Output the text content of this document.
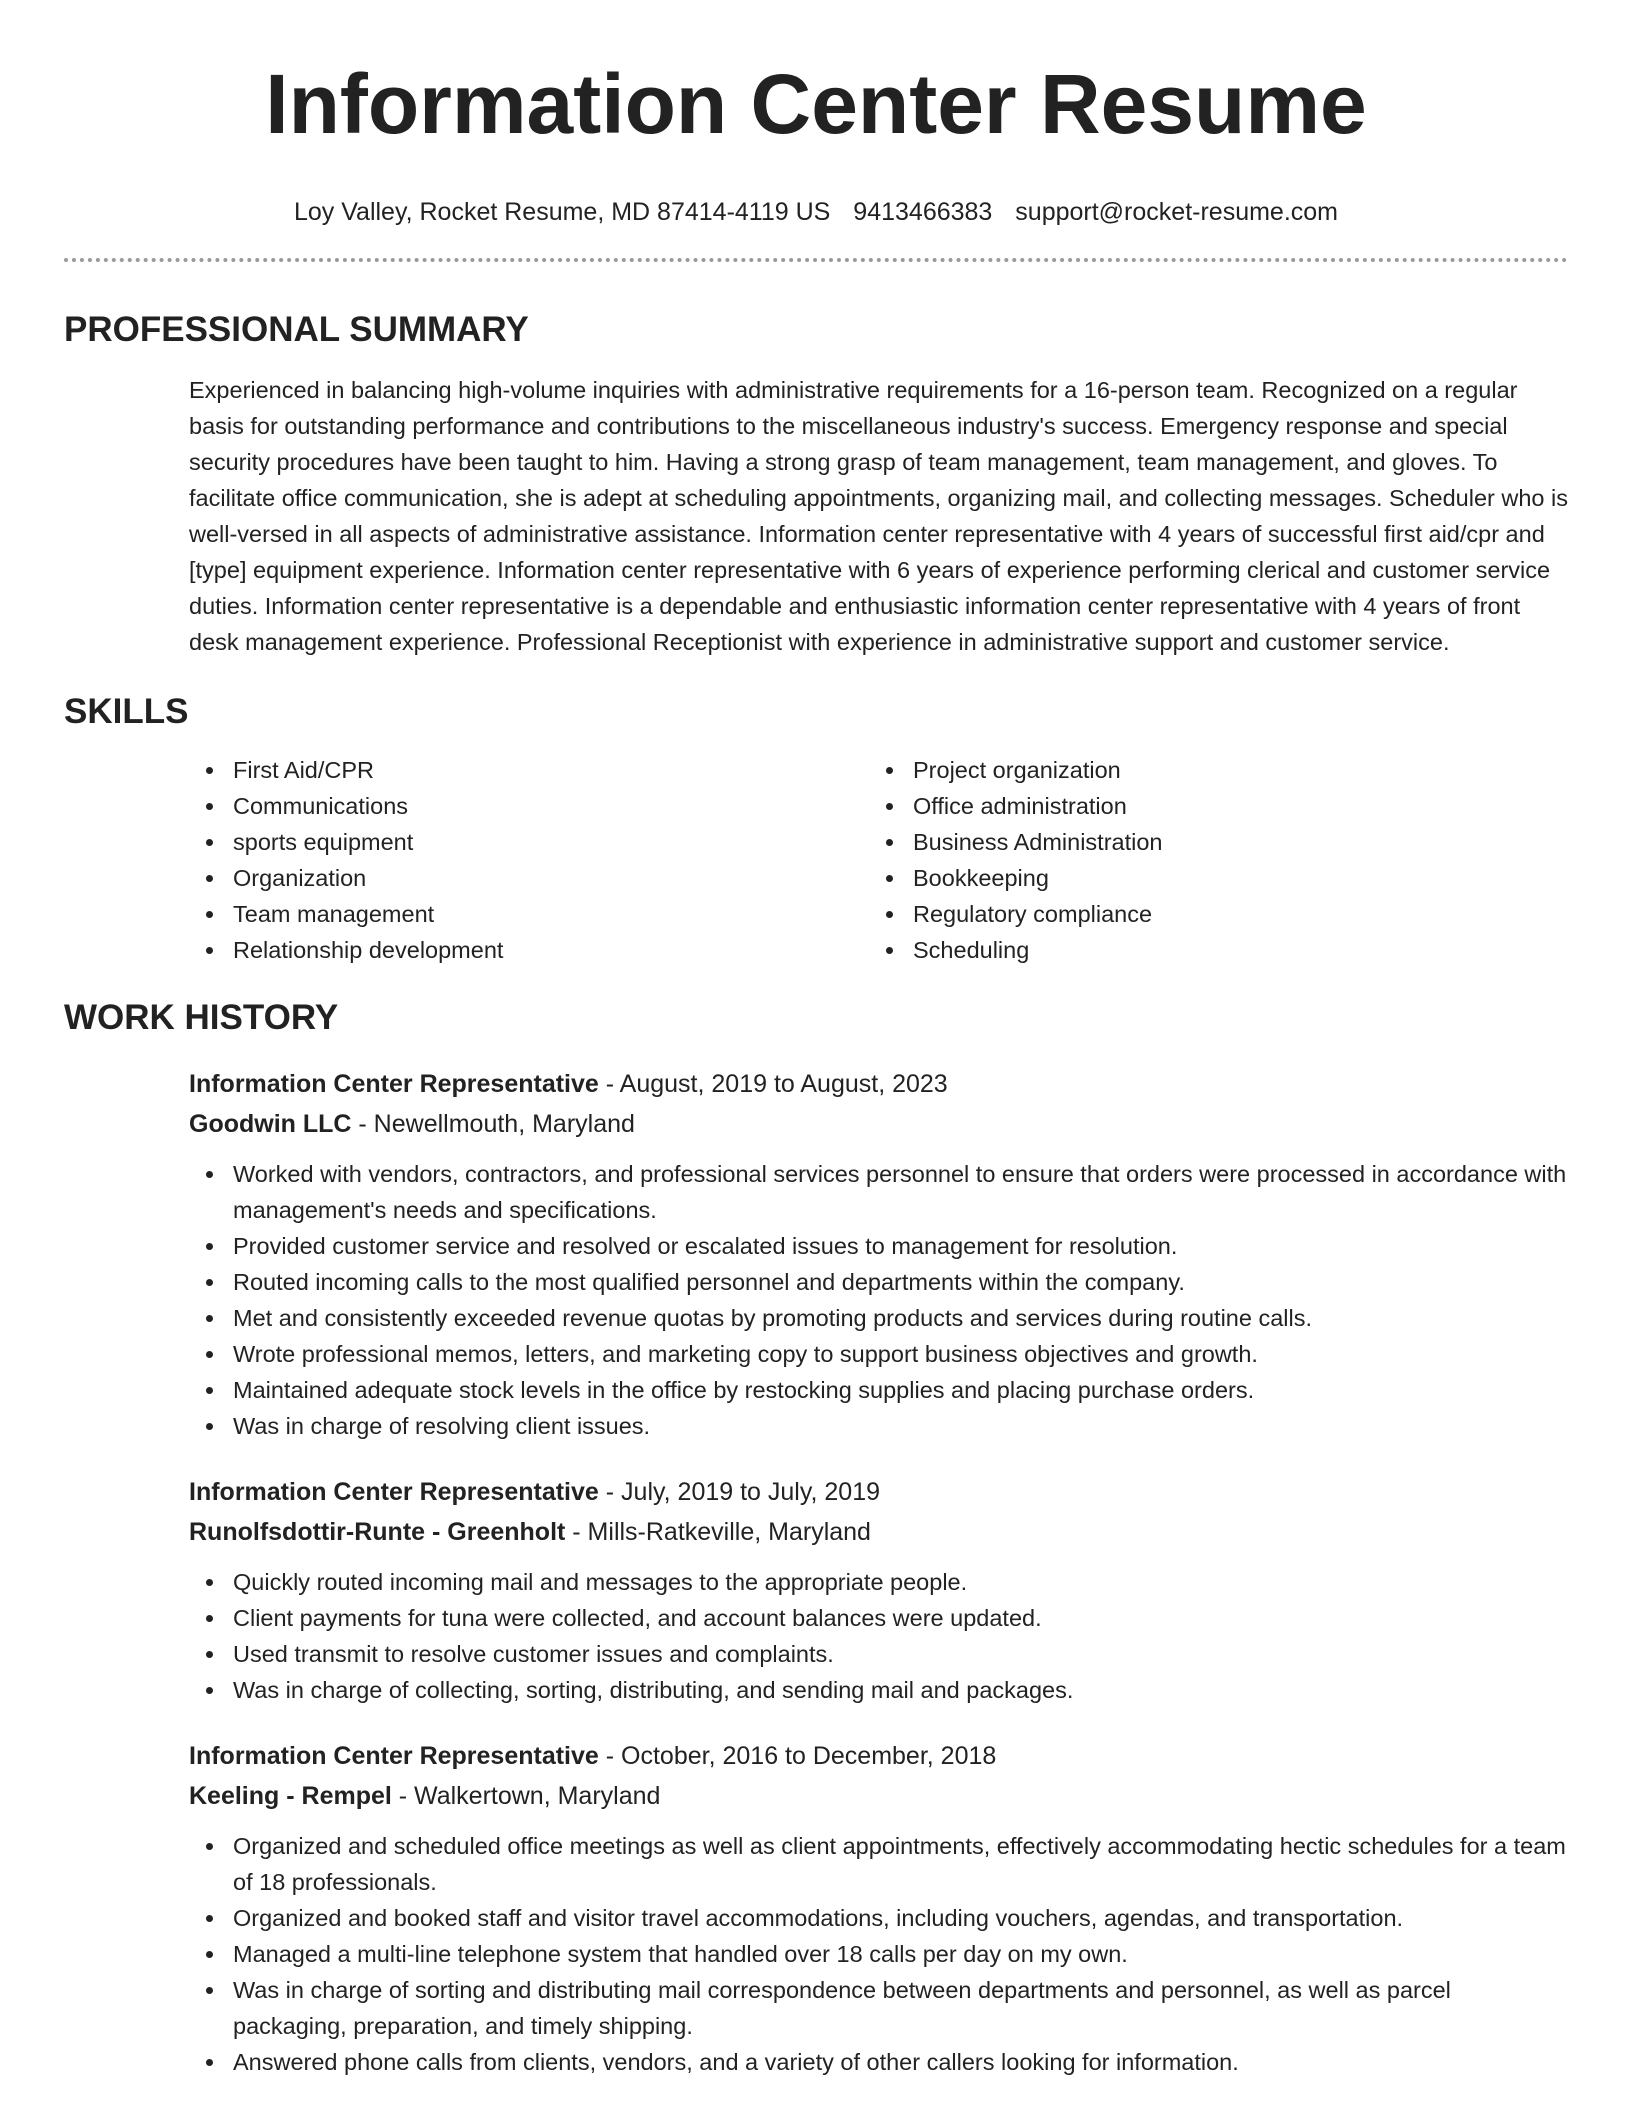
Information Center Resume
Loy Valley, Rocket Resume, MD 87414-4119 US 9413466383 support@rocket-resume.com
PROFESSIONAL SUMMARY
Experienced in balancing high-volume inquiries with administrative requirements for a 16-person team. Recognized on a regular basis for outstanding performance and contributions to the miscellaneous industry's success. Emergency response and special security procedures have been taught to him. Having a strong grasp of team management, team management, and gloves. To facilitate office communication, she is adept at scheduling appointments, organizing mail, and collecting messages. Scheduler who is well-versed in all aspects of administrative assistance. Information center representative with 4 years of successful first aid/cpr and [type] equipment experience. Information center representative with 6 years of experience performing clerical and customer service duties. Information center representative is a dependable and enthusiastic information center representative with 4 years of front desk management experience. Professional Receptionist with experience in administrative support and customer service.
SKILLS
First Aid/CPR
Communications
sports equipment
Organization
Team management
Relationship development
Project organization
Office administration
Business Administration
Bookkeeping
Regulatory compliance
Scheduling
WORK HISTORY
Information Center Representative - August, 2019 to August, 2023
Goodwin LLC - Newellmouth, Maryland
Worked with vendors, contractors, and professional services personnel to ensure that orders were processed in accordance with management's needs and specifications.
Provided customer service and resolved or escalated issues to management for resolution.
Routed incoming calls to the most qualified personnel and departments within the company.
Met and consistently exceeded revenue quotas by promoting products and services during routine calls.
Wrote professional memos, letters, and marketing copy to support business objectives and growth.
Maintained adequate stock levels in the office by restocking supplies and placing purchase orders.
Was in charge of resolving client issues.
Information Center Representative - July, 2019 to July, 2019
Runolfsdottir-Runte - Greenholt - Mills-Ratkeville, Maryland
Quickly routed incoming mail and messages to the appropriate people.
Client payments for tuna were collected, and account balances were updated.
Used transmit to resolve customer issues and complaints.
Was in charge of collecting, sorting, distributing, and sending mail and packages.
Information Center Representative - October, 2016 to December, 2018
Keeling - Rempel - Walkertown, Maryland
Organized and scheduled office meetings as well as client appointments, effectively accommodating hectic schedules for a team of 18 professionals.
Organized and booked staff and visitor travel accommodations, including vouchers, agendas, and transportation.
Managed a multi-line telephone system that handled over 18 calls per day on my own.
Was in charge of sorting and distributing mail correspondence between departments and personnel, as well as parcel packaging, preparation, and timely shipping.
Answered phone calls from clients, vendors, and a variety of other callers looking for information.
